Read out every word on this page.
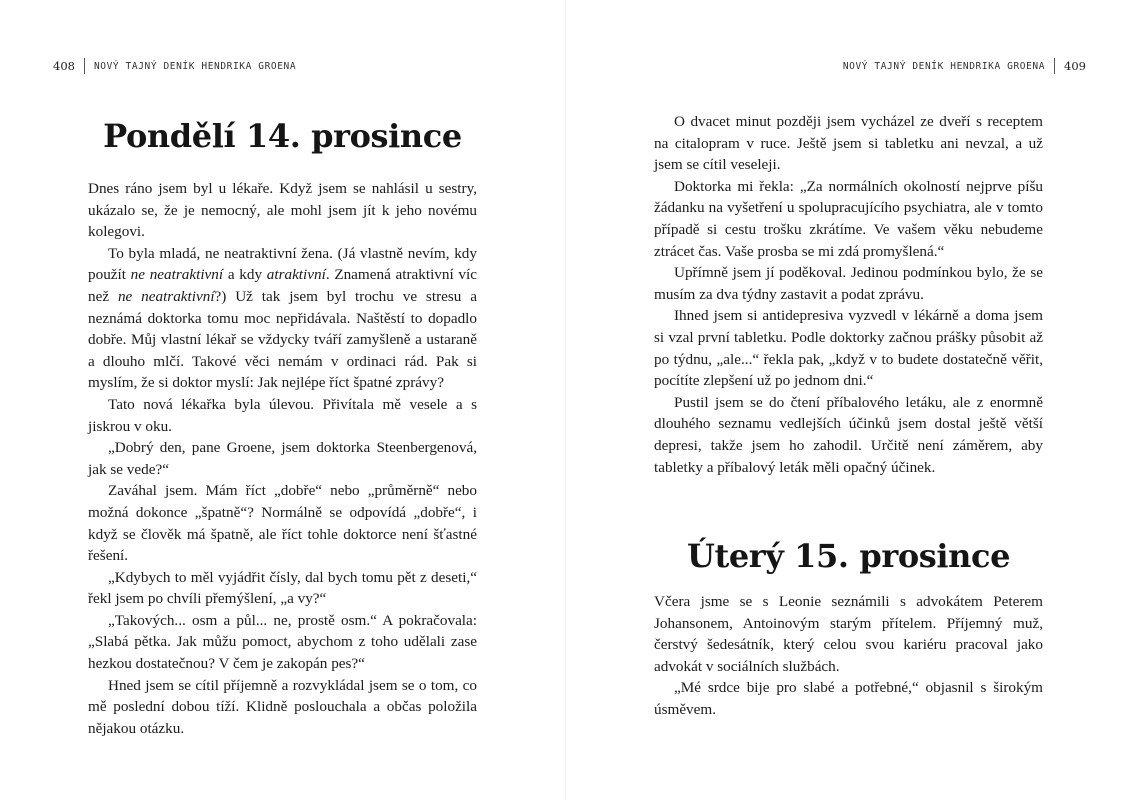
408 NOVÝ TAJNÝ DENÍK HENDRIKA GROENA
Pondělí 14. prosince

Dnes ráno jsem byl u lékaře. Když jsem se nahlásil u sestry, ukázalo se, že je nemocný, ale mohl jsem jít k jeho novému kolegovi.

To byla mladá, ne neatraktivní žena. (Já vlastně nevím, kdy použít ne neatraktivní a kdy atraktivní. Znamená atraktivní víc než ne neatraktivní?) Už tak jsem byl trochu ve stresu a neznámá doktorka tomu moc nepřidávala. Naštěstí to dopadlo dobře. Můj vlastní lékař se vždycky tváří zamyšleně a ustaraně a dlouho mlčí. Takové věci nemám v ordinaci rád. Pak si myslím, že si doktor myslí: Jak nejlépe říct špatné zprávy?

Tato nová lékařka byla úlevou. Přivítala mě vesele a s jiskrou v oku.

„Dobrý den, pane Groene, jsem doktorka Steenbergenová, jak se vede?“

Zaváhal jsem. Mám říct „dobře“ nebo „průměrně“ nebo možná dokonce „špatně“? Normálně se odpovídá „dobře“, i když se člověk má špatně, ale říct tohle doktorce není šťastné řešení.

„Kdybych to měl vyjádřit čísly, dal bych tomu pět z deseti,“ řekl jsem po chvíli přemýšlení, „a vy?“

„Takových... osm a půl... ne, prostě osm.“ A pokračovala: „Slabá pětka. Jak můžu pomoct, abychom z toho udělali zase hezkou dostatečnou? V čem je zakopán pes?“

Hned jsem se cítil příjemně a rozvykládal jsem se o tom, co mě poslední dobou tíží. Klidně poslouchala a občas položila nějakou otázku.

NOVÝ TAJNÝ DENÍK HENDRIKA GROENA 409

O dvacet minut později jsem vycházel ze dveří s receptem na citalopram v ruce. Ještě jsem si tabletku ani nevzal, a už jsem se cítil veseleji.

Doktorka mi řekla: „Za normálních okolností nejprve píšu žádanku na vyšetření u spolupracujícího psychiatra, ale v tomto případě si cestu trošku zkrátíme. Ve vašem věku nebudeme ztrácet čas. Vaše prosba se mi zdá promyšlená.“

Upřímně jsem jí poděkoval. Jedinou podmínkou bylo, že se musím za dva týdny zastavit a podat zprávu.

Ihned jsem si antidepresiva vyzvedl v lékárně a doma jsem si vzal první tabletku. Podle doktorky začnou prášky působit až po týdnu, „ale...“ řekla pak, „když v to budete dostatečně věřit, pocítíte zlepšení už po jednom dni.“

Pustil jsem se do čtení příbalového letáku, ale z enormně dlouhého seznamu vedlejších účinků jsem dostal ještě větší depresi, takže jsem ho zahodil. Určitě není záměrem, aby tabletky a příbalový leták měli opačný účinek.

Úterý 15. prosince

Včera jsme se s Leonie seznámili s advokátem Peterem Johansonem, Antoinovým starým přítelem. Příjemný muž, čerstvý šedesátník, který celou svou kariéru pracoval jako advokát v sociálních službách.

„Mé srdce bije pro slabé a potřebné,“ objasnil s širokým úsměvem.
